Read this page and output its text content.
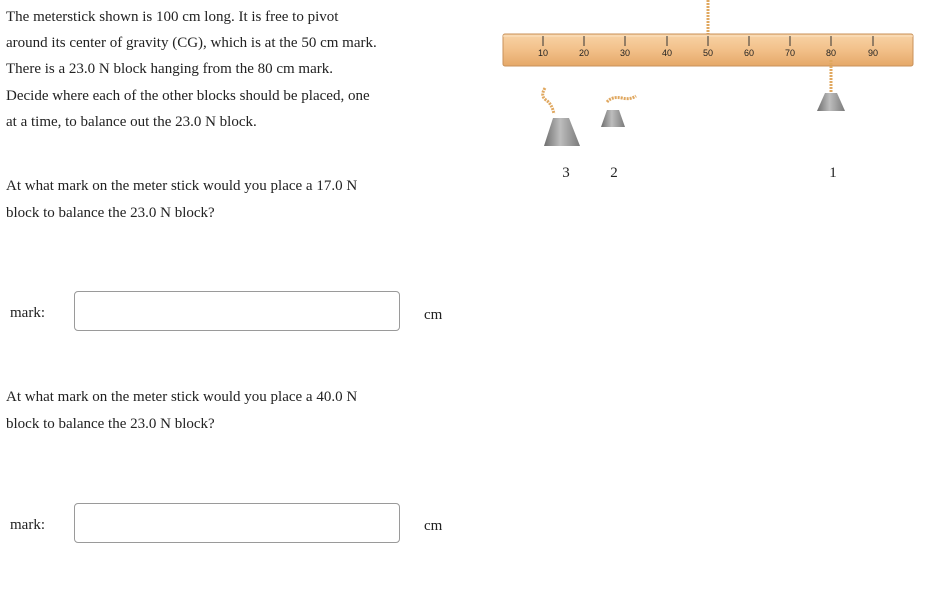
The meterstick shown is 100 cm long. It is free to pivot

around its center of gravity (CG), which is at the 50 cm mark.

There is a 23.0 N block hanging from the 80 cm mark.

Decide where each of the other blocks should be placed, one

at a time, to balance out the 23.0 N block.

At what mark on the meter stick would you place a 17.0 N
block to balance the 23.0 N block?
mark:	cm
At what mark on the meter stick would you place a 40.0 N
block to balance the 23.0 N block?
mark:	cm
10	20	30	40	50	60	70	80	90
1
2
3
